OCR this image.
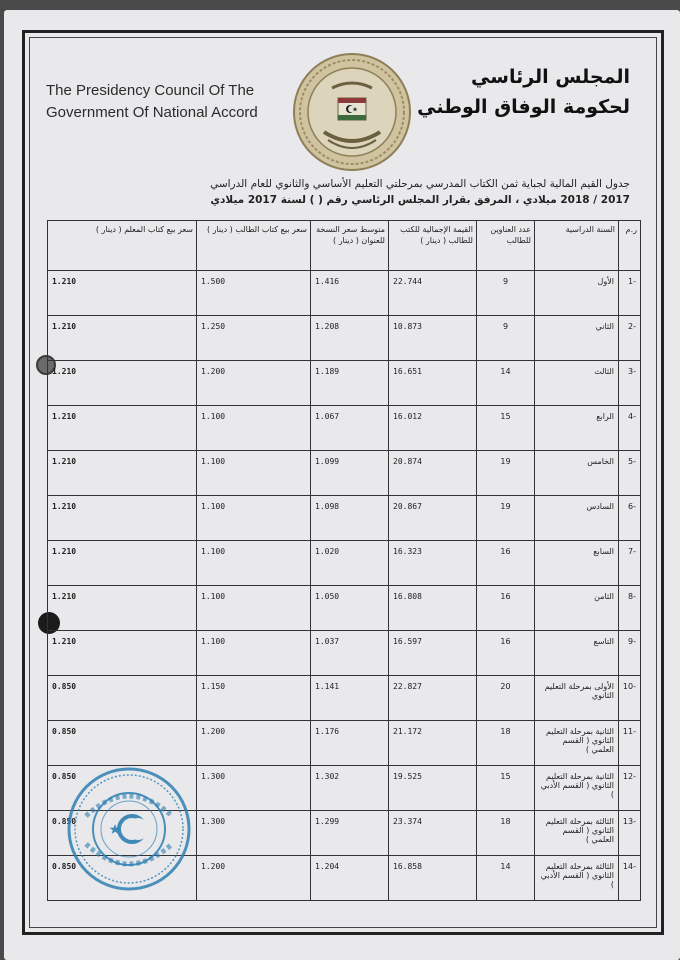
The Presidency Council Of The
Government Of National Accord
المجلس الرئاسي
لحكومة الوفاق الوطني
جدول القيم المالية لجباية ثمن الكتاب المدرسي بمرحلتي التعليم الأساسي والثانوي للعام الدراسي
2017 / 2018 ميلادي ، المرفق بقرار المجلس الرئاسي رقم ( ) لسنة 2017 ميلادي
ر.م	السنة الدراسية	عدد العناوين للطالب	القيمة الإجمالية للكتب للطالب ( دينار )	متوسط سعر النسخة للعنوان ( دينار )	سعر بيع كتاب الطالب ( دينار )	سعر بيع كتاب المعلم ( دينار )
-1	الأول	9	22.744	1.416	1.500	1.210
-2	الثاني	9	10.873	1.208	1.250	1.210
-3	الثالث	14	16.651	1.189	1.200	1.210
-4	الرابع	15	16.012	1.067	1.100	1.210
-5	الخامس	19	20.874	1.099	1.100	1.210
-6	السادس	19	20.867	1.098	1.100	1.210
-7	السابع	16	16.323	1.020	1.100	1.210
-8	الثامن	16	16.808	1.050	1.100	1.210
-9	التاسع	16	16.597	1.037	1.100	1.210
-10	الأولى بمرحلة التعليم الثانوي	20	22.827	1.141	1.150	0.850
-11	الثانية بمرحلة التعليم الثانوي ( القسم العلمي )	18	21.172	1.176	1.200	0.850
-12	الثانية بمرحلة التعليم الثانوي ( القسم الأدبي )	15	19.525	1.302	1.300	0.850
-13	الثالثة بمرحلة التعليم الثانوي ( القسم العلمي )	18	23.374	1.299	1.300	0.850
-14	الثالثة بمرحلة التعليم الثانوي ( القسم الأدبي )	14	16.858	1.204	1.200	0.850
